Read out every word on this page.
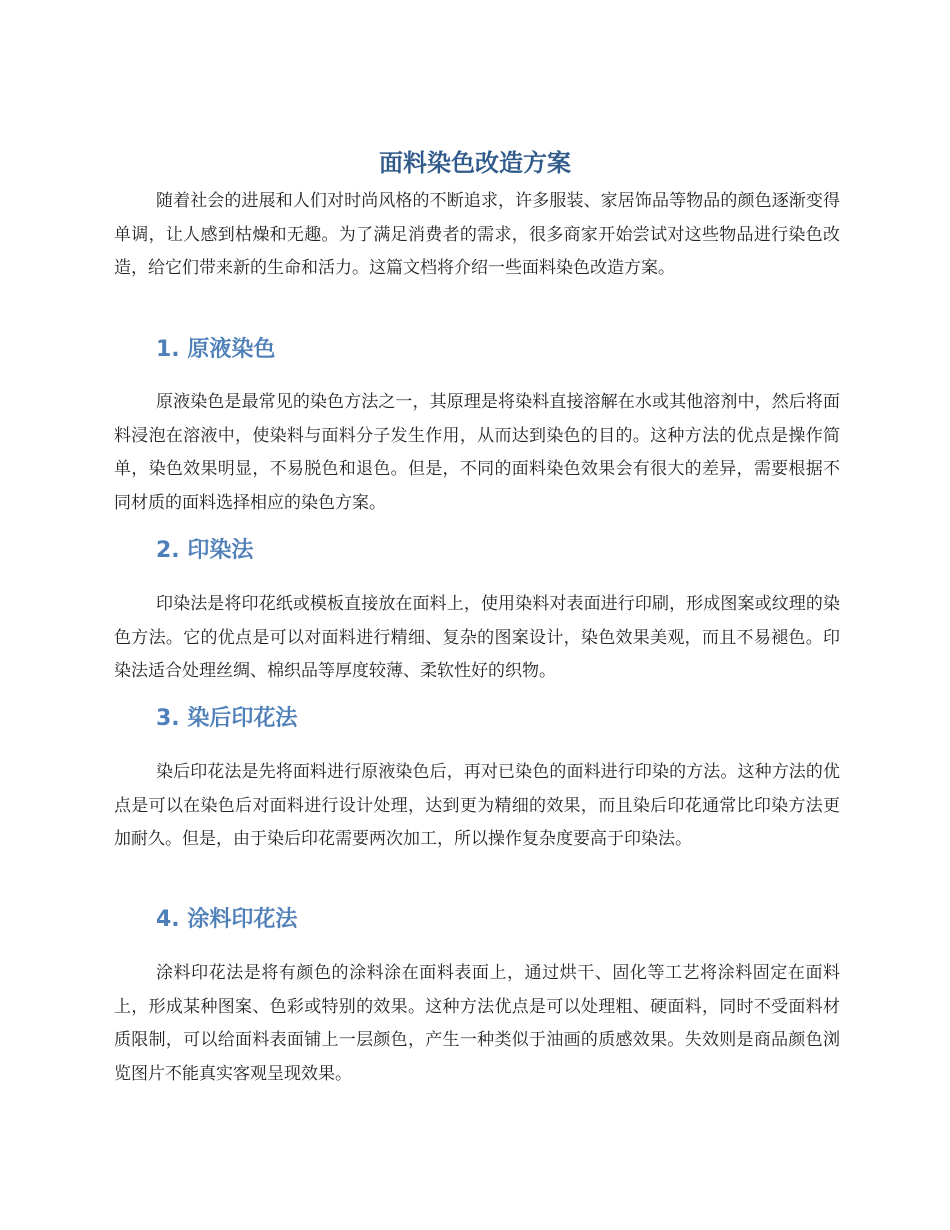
面料染色改造方案

随着社会的进展和人们对时尚风格的不断追求，许多服装、家居饰品等物品的颜色逐渐变得单调，让人感到枯燥和无趣。为了满足消费者的需求，很多商家开始尝试对这些物品进行染色改造，给它们带来新的生命和活力。这篇文档将介绍一些面料染色改造方案。

1. 原液染色

原液染色是最常见的染色方法之一，其原理是将染料直接溶解在水或其他溶剂中，然后将面料浸泡在溶液中，使染料与面料分子发生作用，从而达到染色的目的。这种方法的优点是操作简单，染色效果明显，不易脱色和退色。但是，不同的面料染色效果会有很大的差异，需要根据不同材质的面料选择相应的染色方案。

2. 印染法

印染法是将印花纸或模板直接放在面料上，使用染料对表面进行印刷，形成图案或纹理的染色方法。它的优点是可以对面料进行精细、复杂的图案设计，染色效果美观，而且不易褪色。印染法适合处理丝绸、棉织品等厚度较薄、柔软性好的织物。

3. 染后印花法

染后印花法是先将面料进行原液染色后，再对已染色的面料进行印染的方法。这种方法的优点是可以在染色后对面料进行设计处理，达到更为精细的效果，而且染后印花通常比印染方法更加耐久。但是，由于染后印花需要两次加工，所以操作复杂度要高于印染法。

4. 涂料印花法

涂料印花法是将有颜色的涂料涂在面料表面上，通过烘干、固化等工艺将涂料固定在面料上，形成某种图案、色彩或特别的效果。这种方法优点是可以处理粗、硬面料，同时不受面料材质限制，可以给面料表面铺上一层颜色，产生一种类似于油画的质感效果。失效则是商品颜色浏览图片不能真实客观呈现效果。
